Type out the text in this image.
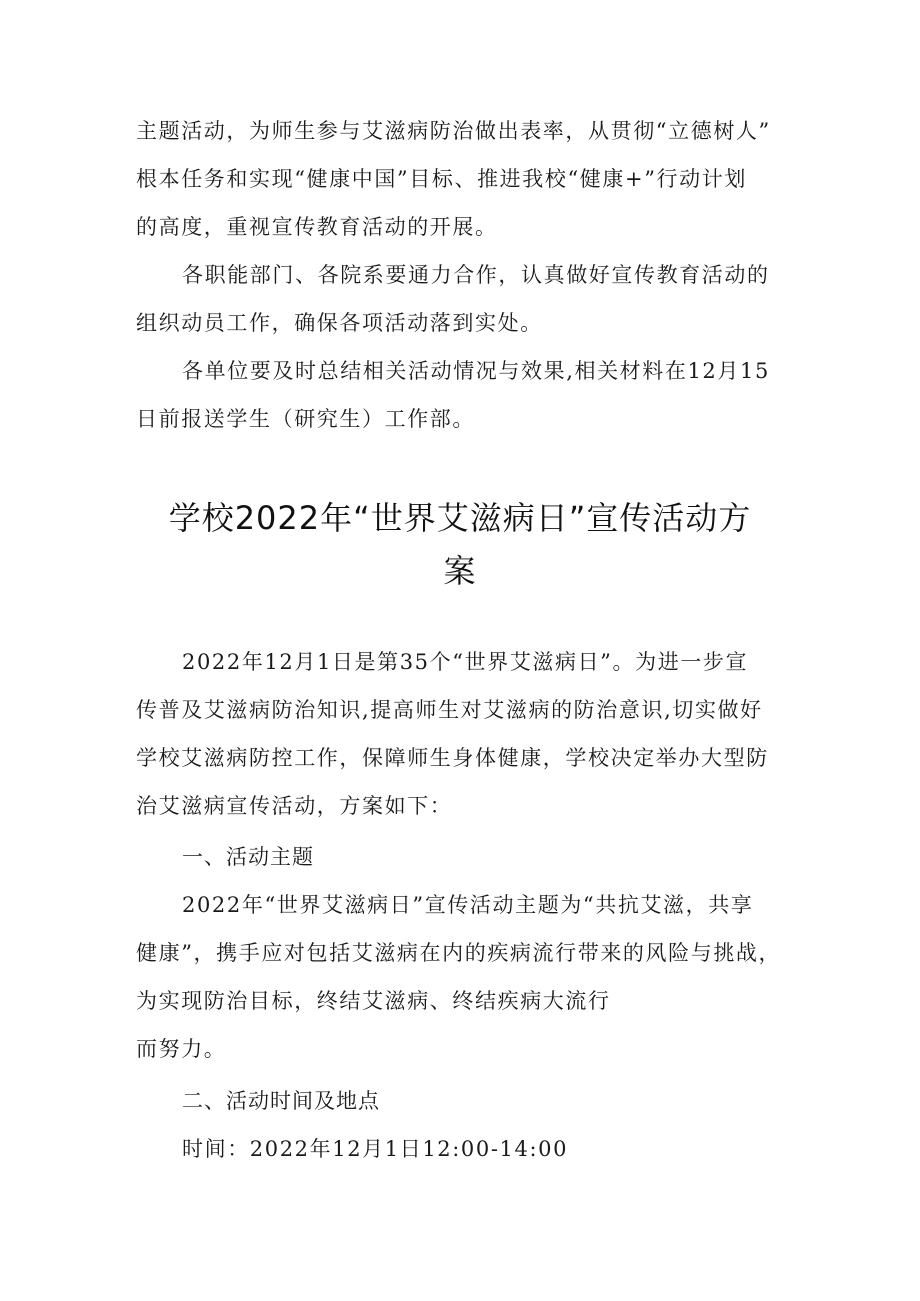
主题活动，为师生参与艾滋病防治做出表率，从贯彻“立德树人”
根本任务和实现“健康中国”目标、推进我校“健康+”行动计划
的高度，重视宣传教育活动的开展。
各职能部门、各院系要通力合作，认真做好宣传教育活动的
组织动员工作，确保各项活动落到实处。
各单位要及时总结相关活动情况与效果,相关材料在12月15
日前报送学生（研究生）工作部。
学校2022年“世界艾滋病日”宣传活动方
案
2022年12月1日是第35个“世界艾滋病日”。为进一步宣
传普及艾滋病防治知识,提高师生对艾滋病的防治意识,切实做好
学校艾滋病防控工作，保障师生身体健康，学校决定举办大型防
治艾滋病宣传活动，方案如下：
一、活动主题
2022年“世界艾滋病日”宣传活动主题为“共抗艾滋，共享
健康”，携手应对包括艾滋病在内的疾病流行带来的风险与挑战，
为实现防治目标，终结艾滋病、终结疾病大流行
而努力。
二、活动时间及地点
时间：2022年12月1日12:00-14:00
